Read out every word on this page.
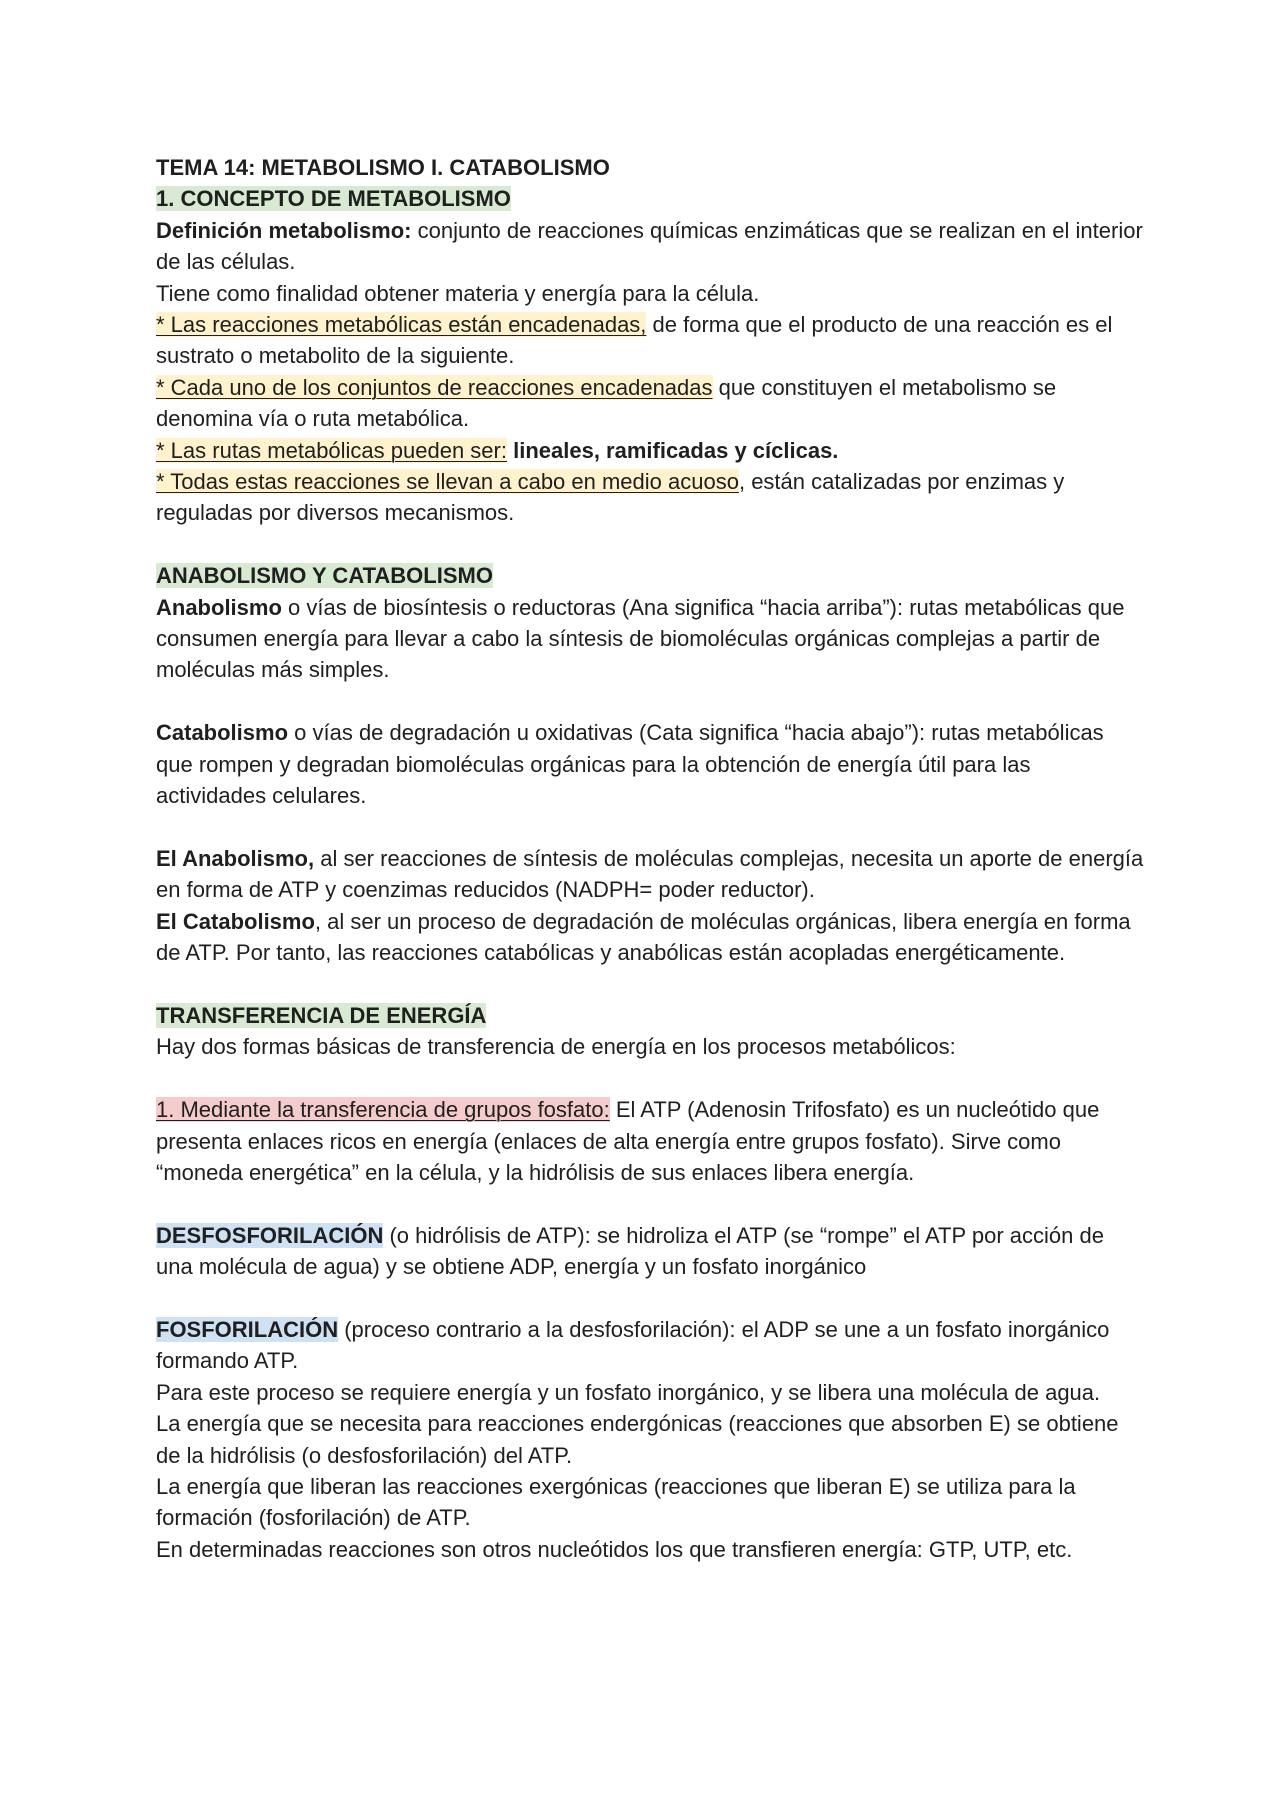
TEMA 14: METABOLISMO I. CATABOLISMO

1. CONCEPTO DE METABOLISMO

Definición metabolismo: conjunto de reacciones químicas enzimáticas que se realizan en el interior de las células.

Tiene como finalidad obtener materia y energía para la célula.

* Las reacciones metabólicas están encadenadas, de forma que el producto de una reacción es el sustrato o metabolito de la siguiente.

* Cada uno de los conjuntos de reacciones encadenadas que constituyen el metabolismo se denomina vía o ruta metabólica.

* Las rutas metabólicas pueden ser: lineales, ramificadas y cíclicas.

* Todas estas reacciones se llevan a cabo en medio acuoso, están catalizadas por enzimas y reguladas por diversos mecanismos.

ANABOLISMO Y CATABOLISMO

Anabolismo o vías de biosíntesis o reductoras (Ana significa “hacia arriba”): rutas metabólicas que consumen energía para llevar a cabo la síntesis de biomoléculas orgánicas complejas a partir de moléculas más simples.

Catabolismo o vías de degradación u oxidativas (Cata significa “hacia abajo”): rutas metabólicas que rompen y degradan biomoléculas orgánicas para la obtención de energía útil para las actividades celulares.

El Anabolismo, al ser reacciones de síntesis de moléculas complejas, necesita un aporte de energía en forma de ATP y coenzimas reducidos (NADPH= poder reductor).

El Catabolismo, al ser un proceso de degradación de moléculas orgánicas, libera energía en forma de ATP. Por tanto, las reacciones catabólicas y anabólicas están acopladas energéticamente.

TRANSFERENCIA DE ENERGÍA

Hay dos formas básicas de transferencia de energía en los procesos metabólicos:

1. Mediante la transferencia de grupos fosfato: El ATP (Adenosin Trifosfato) es un nucleótido que presenta enlaces ricos en energía (enlaces de alta energía entre grupos fosfato). Sirve como “moneda energética” en la célula, y la hidrólisis de sus enlaces libera energía.

DESFOSFORILACIÓN (o hidrólisis de ATP): se hidroliza el ATP (se “rompe” el ATP por acción de una molécula de agua) y se obtiene ADP, energía y un fosfato inorgánico

FOSFORILACIÓN (proceso contrario a la desfosforilación): el ADP se une a un fosfato inorgánico formando ATP.

Para este proceso se requiere energía y un fosfato inorgánico, y se libera una molécula de agua.

La energía que se necesita para reacciones endergónicas (reacciones que absorben E) se obtiene de la hidrólisis (o desfosforilación) del ATP.

La energía que liberan las reacciones exergónicas (reacciones que liberan E) se utiliza para la formación (fosforilación) de ATP.

En determinadas reacciones son otros nucleótidos los que transfieren energía: GTP, UTP, etc.
